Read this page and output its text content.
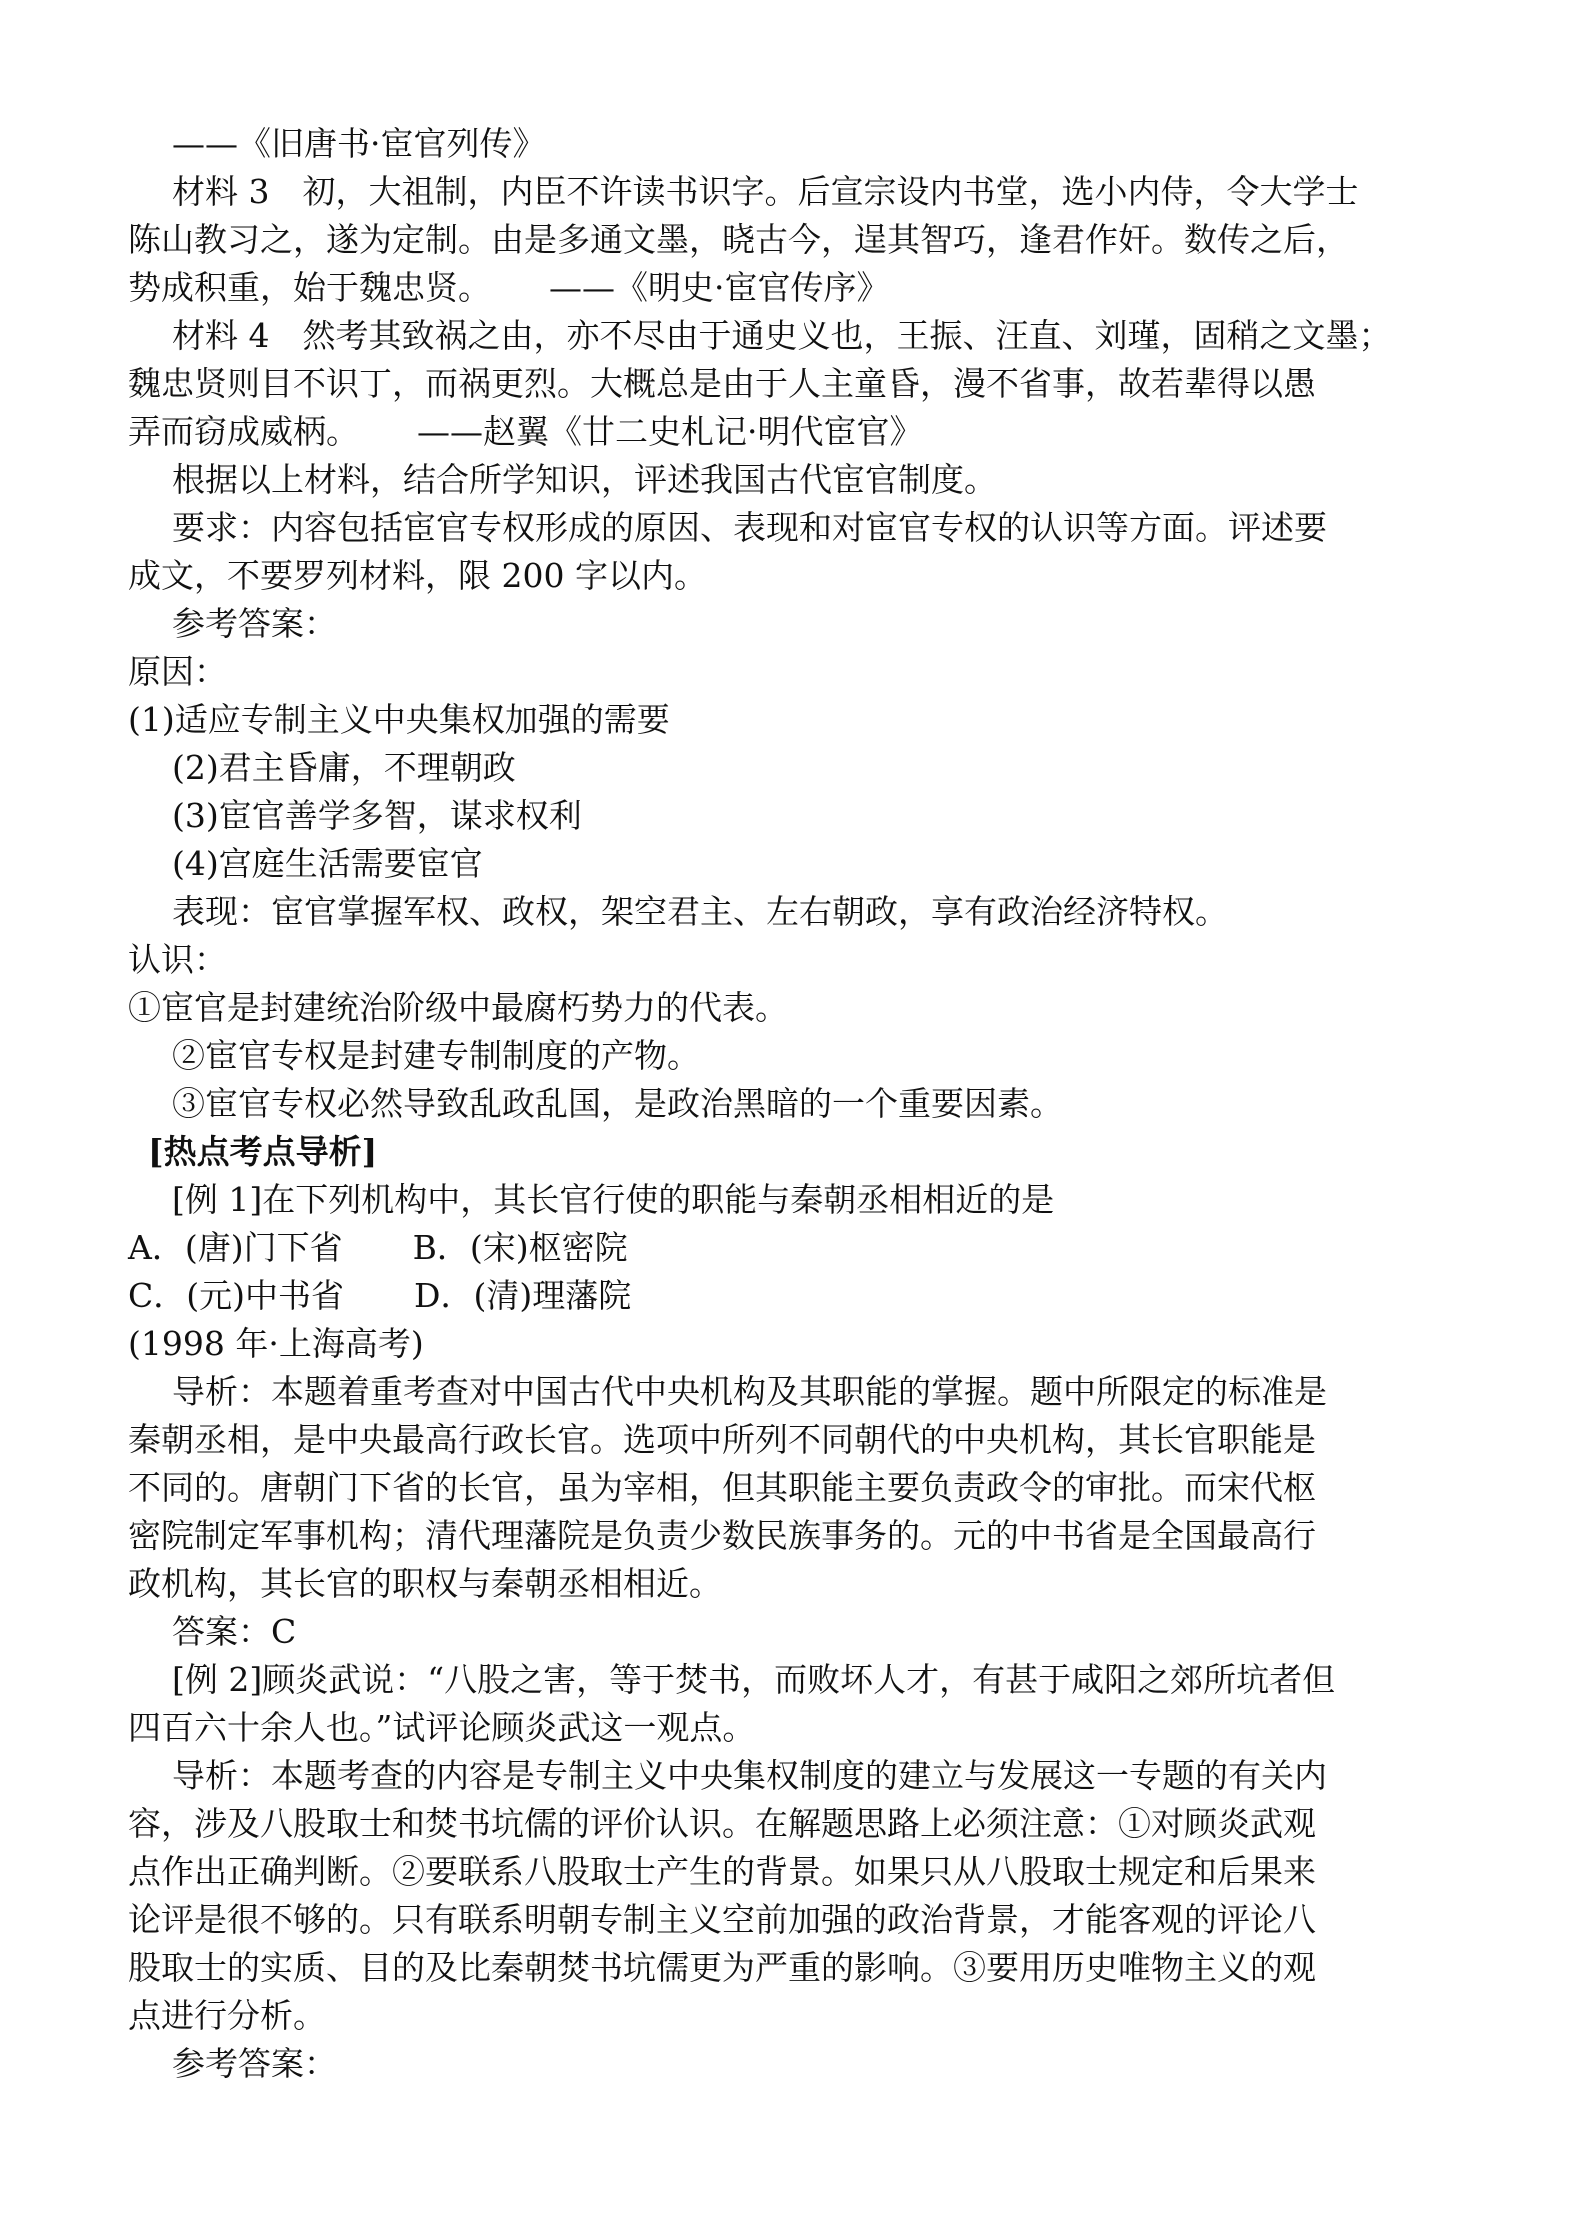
——《旧唐书·宦官列传》
材料 3　初，大祖制，内臣不许读书识字。后宣宗设内书堂，选小内侍，令大学士
陈山教习之，遂为定制。由是多通文墨，晓古今，逞其智巧，逢君作奸。数传之后，
势成积重，始于魏忠贤。 ——《明史·宦官传序》
材料 4　然考其致祸之由，亦不尽由于通史义也，王振、汪直、刘瑾，固稍之文墨；
魏忠贤则目不识丁，而祸更烈。大概总是由于人主童昏，漫不省事，故若辈得以愚
弄而窃成威柄。 ——赵翼《廿二史札记·明代宦官》
根据以上材料，结合所学知识，评述我国古代宦官制度。
要求：内容包括宦官专权形成的原因、表现和对宦官专权的认识等方面。评述要
成文，不要罗列材料，限 200 字以内。
参考答案：
原因：
(1)适应专制主义中央集权加强的需要
(2)君主昏庸，不理朝政
(3)宦官善学多智，谋求权利
(4)宫庭生活需要宦官
表现：宦官掌握军权、政权，架空君主、左右朝政，享有政治经济特权。
认识：
①宦官是封建统治阶级中最腐朽势力的代表。
②宦官专权是封建专制制度的产物。
③宦官专权必然导致乱政乱国，是政治黑暗的一个重要因素。
[热点考点导析]
[例 1]在下列机构中，其长官行使的职能与秦朝丞相相近的是
A．(唐)门下省 B．(宋)枢密院
C．(元)中书省 D．(清)理藩院
(1998 年·上海高考)
导析：本题着重考查对中国古代中央机构及其职能的掌握。题中所限定的标准是
秦朝丞相，是中央最高行政长官。选项中所列不同朝代的中央机构，其长官职能是
不同的。唐朝门下省的长官，虽为宰相，但其职能主要负责政令的审批。而宋代枢
密院制定军事机构；清代理藩院是负责少数民族事务的。元的中书省是全国最高行
政机构，其长官的职权与秦朝丞相相近。
答案：C
[例 2]顾炎武说：“八股之害，等于焚书，而败坏人才，有甚于咸阳之郊所坑者但
四百六十余人也。”试评论顾炎武这一观点。
导析：本题考查的内容是专制主义中央集权制度的建立与发展这一专题的有关内
容，涉及八股取士和焚书坑儒的评价认识。在解题思路上必须注意：①对顾炎武观
点作出正确判断。②要联系八股取士产生的背景。如果只从八股取士规定和后果来
论评是很不够的。只有联系明朝专制主义空前加强的政治背景，才能客观的评论八
股取士的实质、目的及比秦朝焚书坑儒更为严重的影响。③要用历史唯物主义的观
点进行分析。
参考答案：
